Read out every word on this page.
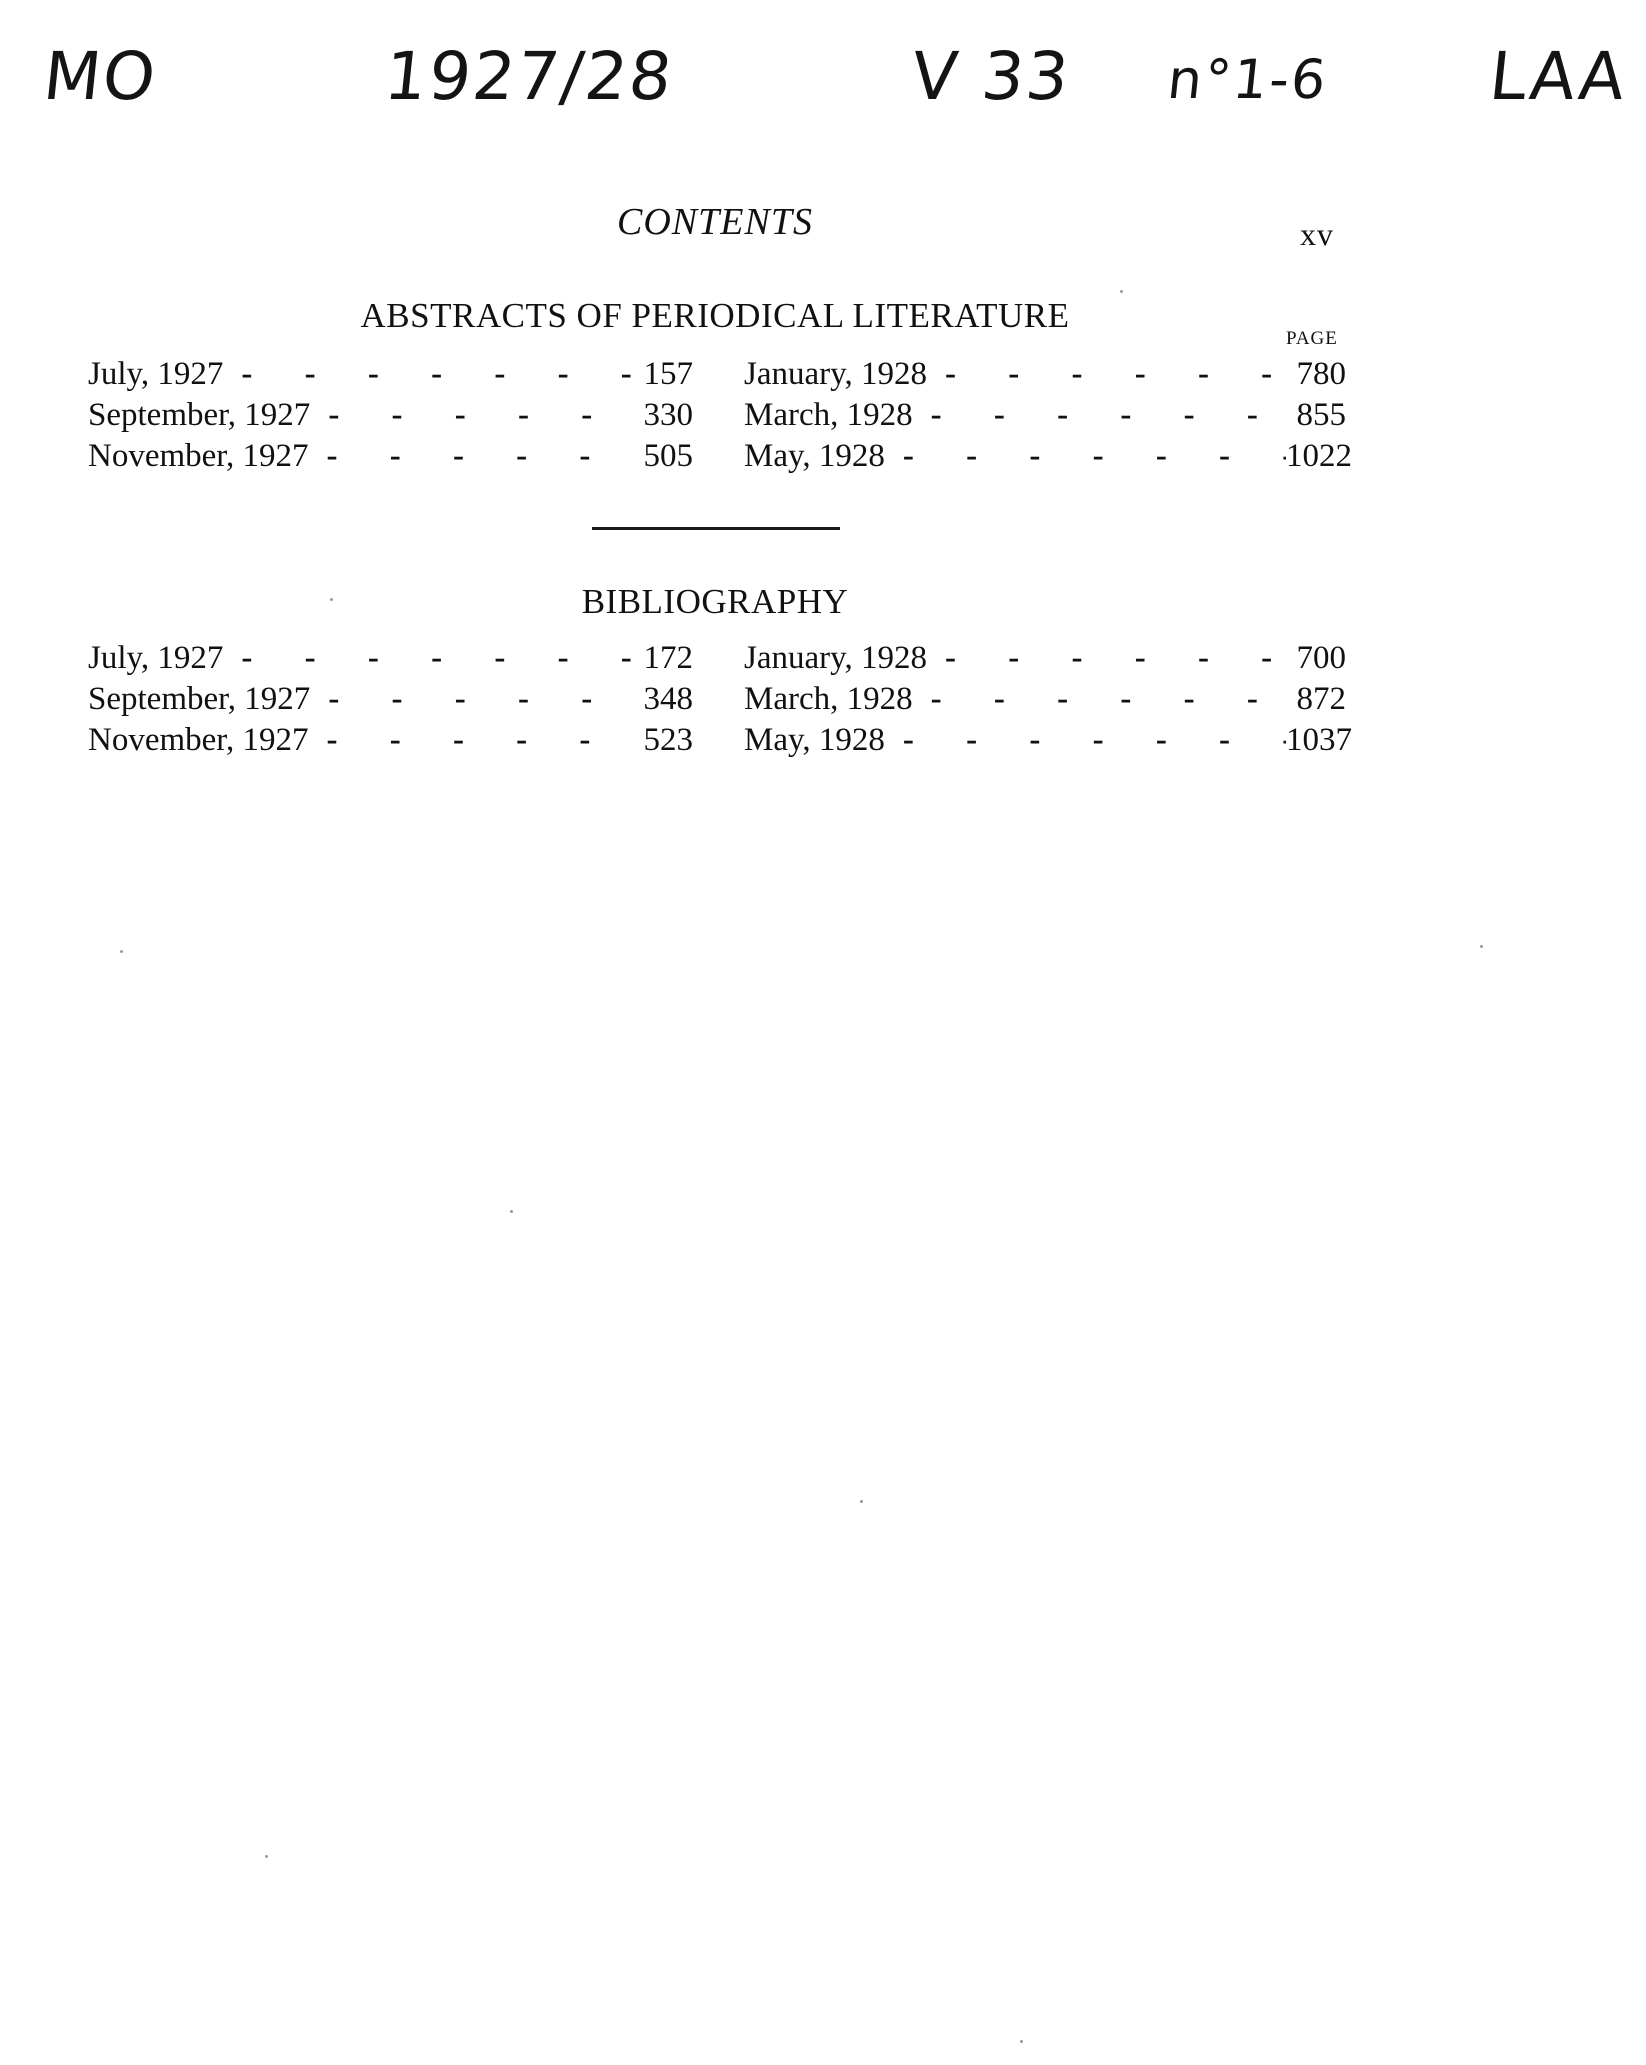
MO	1927/28	V 33 n°1-6 LAA
CONTENTS	xv
ABSTRACTS OF PERIODICAL LITERATURE
PAGE
July, 1927 - - -	157 January, 1928 - - -	780
September, 1927 - - -	330 March, 1928 - - -	855
November, 1927 - - -	505 May, 1928 - - -	1022
BIBLIOGRAPHY
July, 1927 - - -	172 January, 1928 - - -	700
September, 1927 - - -	348 March, 1928 - - -	872
November, 1927 - - -	523 May, 1928 - - -	1037
